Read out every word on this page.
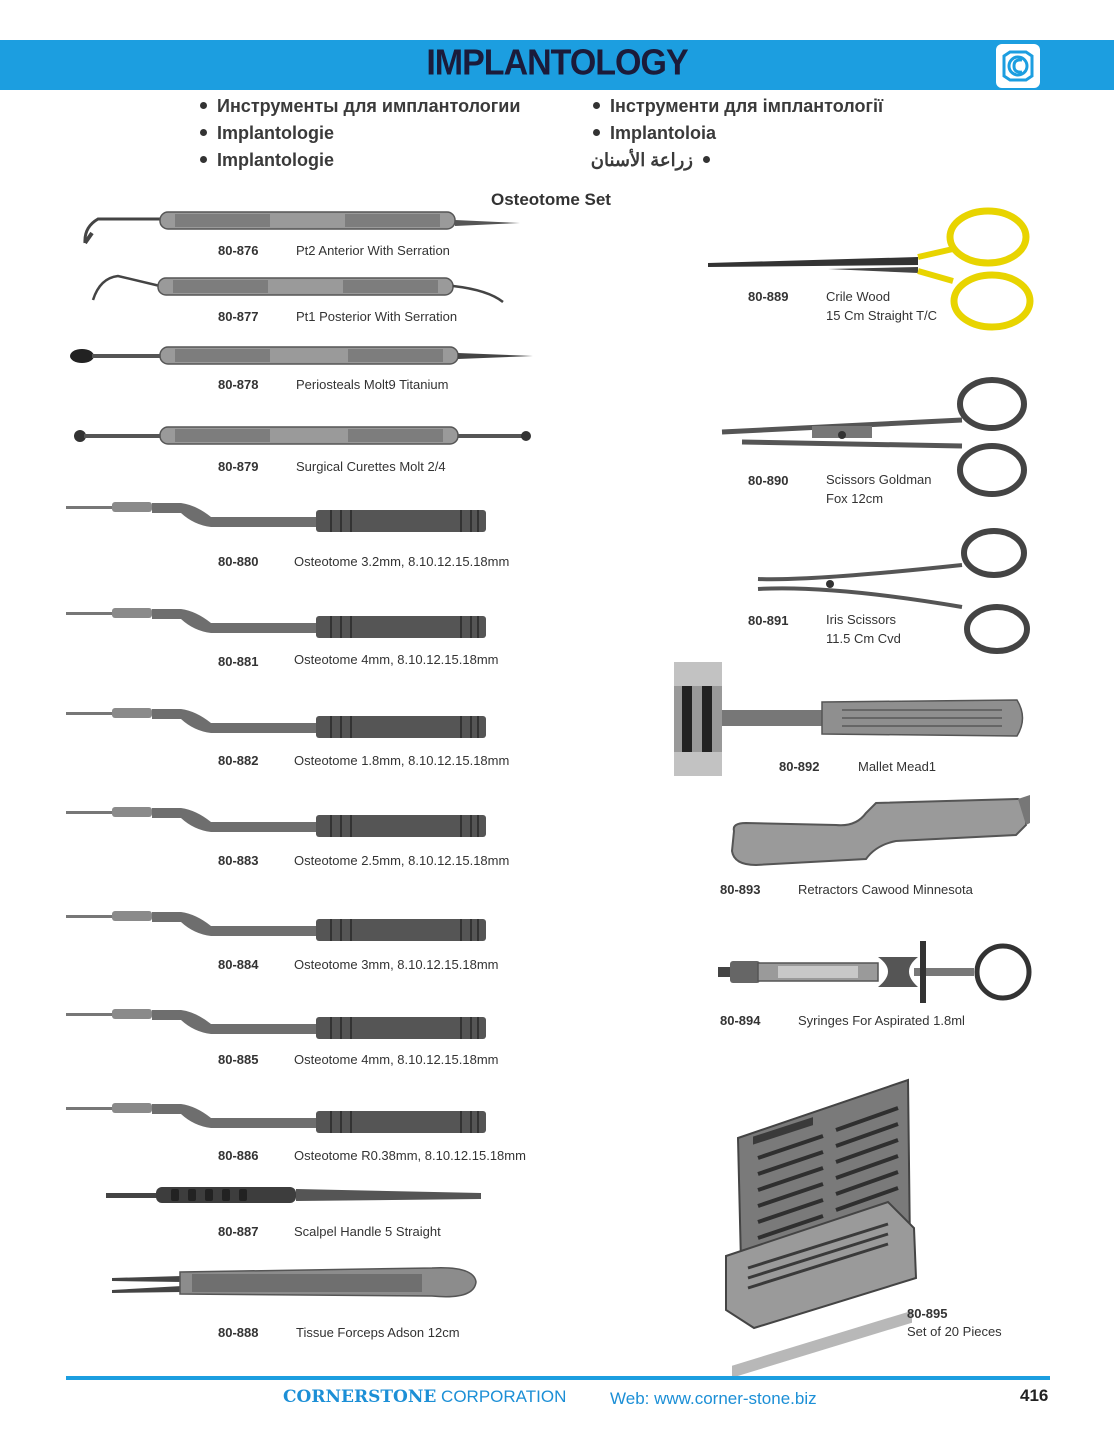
IMPLANTOLOGY
Инструменты для имплантологии
Implantologie
Implantologie
Інструменти для імплантології
Implantoloia
زراعة الأسنان
Osteotome Set
80-876	Pt2 Anterior With Serration
80-877	Pt1 Posterior With Serration
80-878	Periosteals Molt9 Titanium
80-879	Surgical Curettes Molt 2/4
80-880	Osteotome 3.2mm, 8.10.12.15.18mm
80-881	Osteotome 4mm, 8.10.12.15.18mm
80-882	Osteotome 1.8mm, 8.10.12.15.18mm
80-883	Osteotome 2.5mm, 8.10.12.15.18mm
80-884	Osteotome 3mm, 8.10.12.15.18mm
80-885	Osteotome 4mm, 8.10.12.15.18mm
80-886	Osteotome R0.38mm, 8.10.12.15.18mm
80-887	Scalpel Handle 5 Straight
80-888	Tissue Forceps Adson 12cm
80-889	Crile Wood
15 Cm Straight T/C
80-890	Scissors Goldman
Fox 12cm
80-891	Iris Scissors
11.5 Cm Cvd
80-892	Mallet Mead1
80-893	Retractors Cawood Minnesota
80-894	Syringes For Aspirated 1.8ml
80-895
Set of 20 Pieces
CORNERSTONE CORPORATION	Web: www.corner-stone.biz	416
